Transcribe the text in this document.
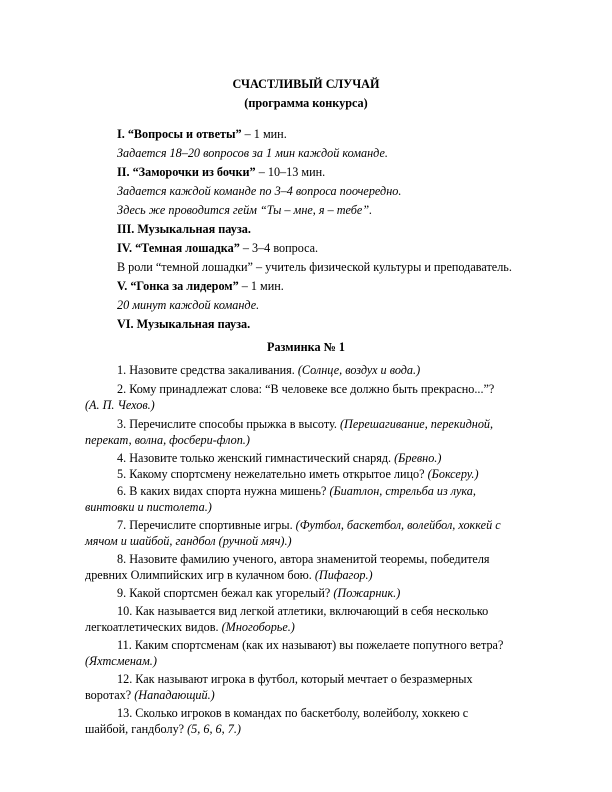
СЧАСТЛИВЫЙ СЛУЧАЙ
(программа конкурса)
I. “Вопросы и ответы” – 1 мин.
Задается 18–20 вопросов за 1 мин каждой команде.
II. “Заморочки из бочки” – 10–13 мин.
Задается каждой команде по 3–4 вопроса поочередно.
Здесь же проводится гейм “Ты – мне, я – тебе”.
III. Музыкальная пауза.
IV. “Темная лошадка” – 3–4 вопроса.
В роли “темной лошадки” – учитель физической культуры и преподаватель.
V. “Гонка за лидером” – 1 мин.
20 минут каждой команде.
VI. Музыкальная пауза.
Разминка № 1
1. Назовите средства закаливания. (Солнце, воздух и вода.)
2. Кому принадлежат слова: “В человеке все должно быть прекрасно...”?
(А. П. Чехов.)
3. Перечислите способы прыжка в высоту. (Перешагивание, перекидной,
перекат, волна, фосбери-флоп.)
4. Назовите только женский гимнастический снаряд. (Бревно.)
5. Какому спортсмену нежелательно иметь открытое лицо? (Боксеру.)
6. В каких видах спорта нужна мишень? (Биатлон, стрельба из лука,
винтовки и пистолета.)
7. Перечислите спортивные игры. (Футбол, баскетбол, волейбол, хоккей с
мячом и шайбой, гандбол (ручной мяч).)
8. Назовите фамилию ученого, автора знаменитой теоремы, победителя
древних Олимпийских игр в кулачном бою. (Пифагор.)
9. Какой спортсмен бежал как угорелый? (Пожарник.)
10. Как называется вид легкой атлетики, включающий в себя несколько
легкоатлетических видов. (Многоборье.)
11. Каким спортсменам (как их называют) вы пожелаете попутного ветра?
(Яхтсменам.)
12. Как называют игрока в футбол, который мечтает о безразмерных
воротах? (Нападающий.)
13. Сколько игроков в командах по баскетболу, волейболу, хоккею с
шайбой, гандболу? (5, 6, 6, 7.)
